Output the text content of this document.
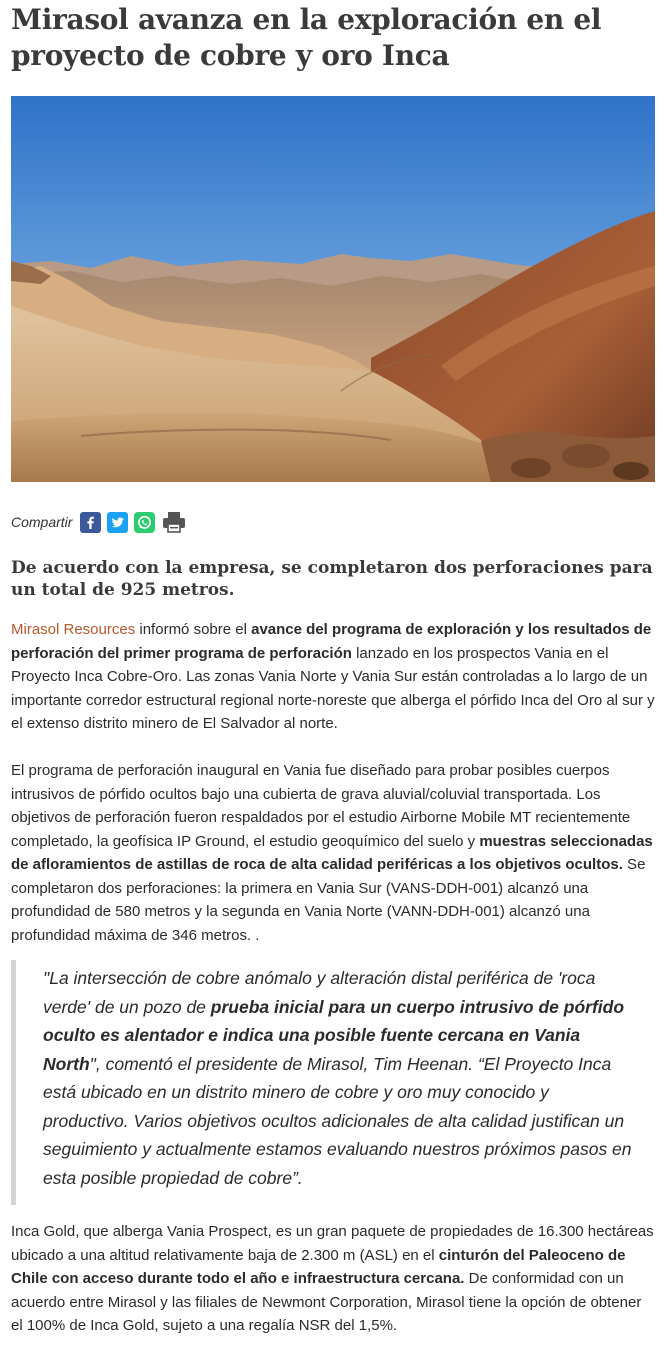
Mirasol avanza en la exploración en el proyecto de cobre y oro Inca
Compartir
De acuerdo con la empresa, se completaron dos perforaciones para un total de 925 metros.

Mirasol Resources informó sobre el avance del programa de exploración y los resultados de perforación del primer programa de perforación lanzado en los prospectos Vania en el Proyecto Inca Cobre-Oro. Las zonas Vania Norte y Vania Sur están controladas a lo largo de un importante corredor estructural regional norte-noreste que alberga el pórfido Inca del Oro al sur y el extenso distrito minero de El Salvador al norte.

El programa de perforación inaugural en Vania fue diseñado para probar posibles cuerpos intrusivos de pórfido ocultos bajo una cubierta de grava aluvial/coluvial transportada. Los objetivos de perforación fueron respaldados por el estudio Airborne Mobile MT recientemente completado, la geofísica IP Ground, el estudio geoquímico del suelo y muestras seleccionadas de afloramientos de astillas de roca de alta calidad periféricas a los objetivos ocultos. Se completaron dos perforaciones: la primera en Vania Sur (VANS-DDH-001) alcanzó una profundidad de 580 metros y la segunda en Vania Norte (VANN-DDH-001) alcanzó una profundidad máxima de 346 metros. .

"La intersección de cobre anómalo y alteración distal periférica de 'roca verde' de un pozo de prueba inicial para un cuerpo intrusivo de pórfido oculto es alentador e indica una posible fuente cercana en Vania North", comentó el presidente de Mirasol, Tim Heenan. “El Proyecto Inca está ubicado en un distrito minero de cobre y oro muy conocido y productivo. Varios objetivos ocultos adicionales de alta calidad justifican un seguimiento y actualmente estamos evaluando nuestros próximos pasos en esta posible propiedad de cobre”.

Inca Gold, que alberga Vania Prospect, es un gran paquete de propiedades de 16.300 hectáreas ubicado a una altitud relativamente baja de 2.300 m (ASL) en el cinturón del Paleoceno de Chile con acceso durante todo el año e infraestructura cercana. De conformidad con un acuerdo entre Mirasol y las filiales de Newmont Corporation, Mirasol tiene la opción de obtener el 100% de Inca Gold, sujeto a una regalía NSR del 1,5%.
